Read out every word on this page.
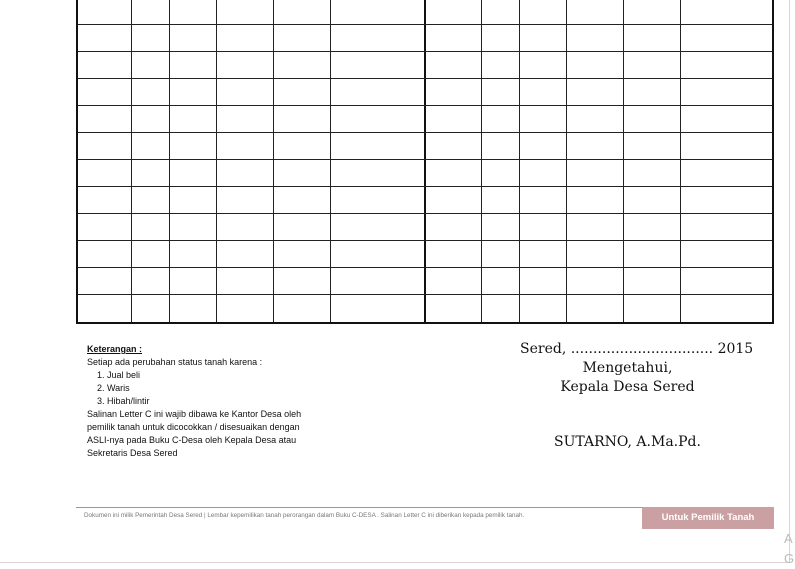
Keterangan :
Setiap ada perubahan status tanah karena :
1. Jual beli
2. Waris
3. Hibah/lintir
Salinan Letter C ini wajib dibawa ke Kantor Desa oleh
pemilik tanah untuk dicocokkan / disesuaikan dengan
ASLI-nya pada Buku C-Desa oleh Kepala Desa atau
Sekretaris Desa Sered
Sered, ................................ 2015
Mengetahui,
Kepala Desa Sered
SUTARNO, A.Ma.Pd.
Dokumen ini milik Pemerintah Desa Sered | Lembar kepemilikan tanah perorangan dalam Buku C-DESA . Salinan Letter C ini diberikan kepada pemilik tanah.	Untuk Pemilik Tanah
A
G
